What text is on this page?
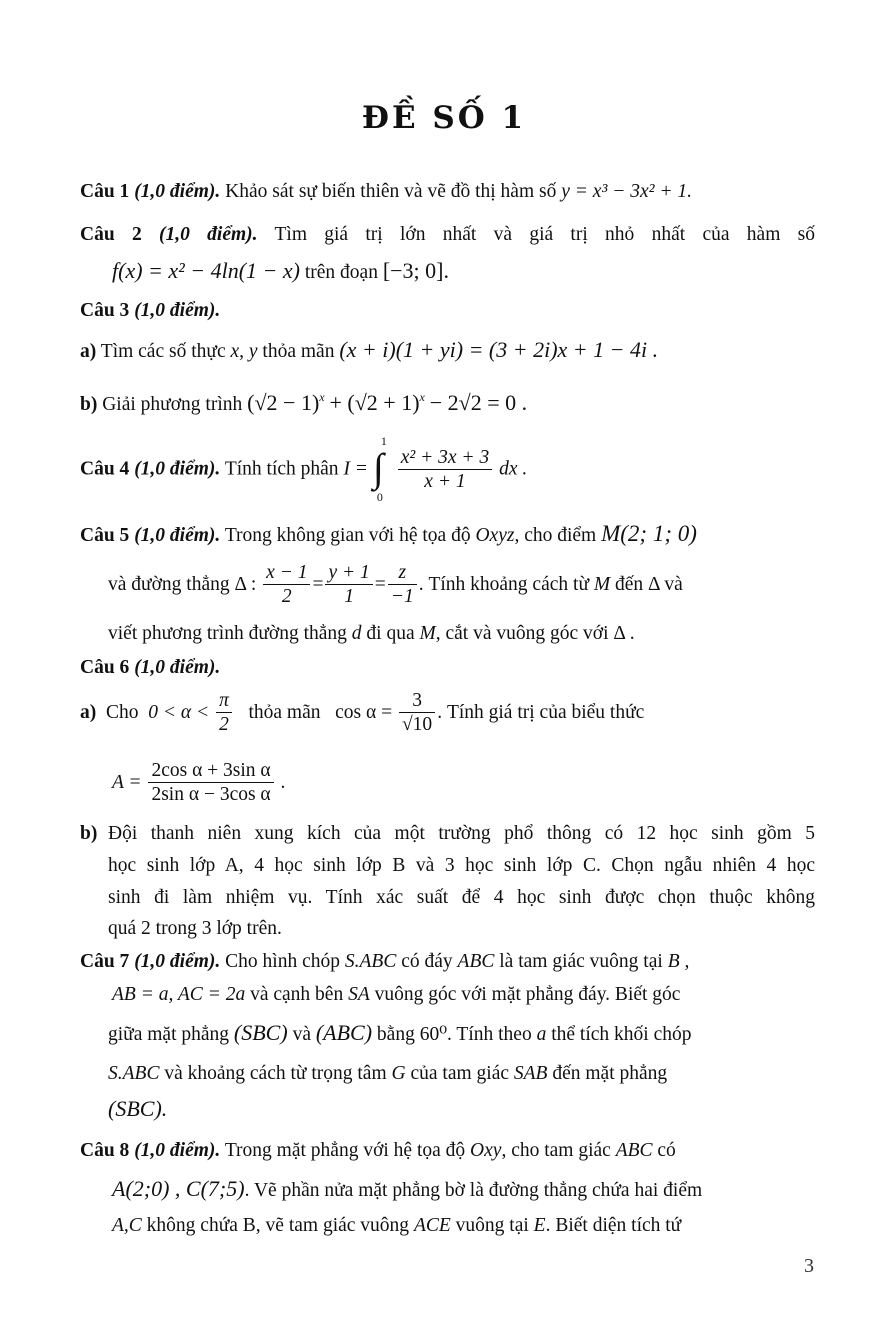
ĐỀ SỐ 1
Câu 1 (1,0 điểm). Khảo sát sự biến thiên và vẽ đồ thị hàm số y = x³ − 3x² + 1.
Câu 2 (1,0 điểm). Tìm giá trị lớn nhất và giá trị nhỏ nhất của hàm số
f(x) = x² − 4ln(1 − x) trên đoạn [−3; 0].
Câu 3 (1,0 điểm).
a) Tìm các số thực x, y thỏa mãn (x + i)(1 + yi) = (3 + 2i)x + 1 − 4i .
b) Giải phương trình $(√2 - 1)^x + (√2 + 1)^x - 2√2 = 0$ .
Câu 4 (1,0 điểm). Tính tích phân I = ∫
1
0

$\frac{\text{x² + 3x + 3}}{x + 1}$ dx .
Câu 5 (1,0 điểm). Trong không gian với hệ tọa độ Oxyz, cho điểm M(2; 1; 0)
và đường thẳng Δ : $\frac{x - 1}{2} = \frac{y + 1}{1} = \frac{z}{-1}$ . Tính khoảng cách từ M đến Δ và
viết phương trình đường thẳng d đi qua M, cắt và vuông góc với Δ .
Câu 6 (1,0 điểm).
a) Cho $0 < \alpha < \frac{\pi}{2}$ thỏa mãn $\cos \alpha = \frac{3}{√10}$ . Tính giá trị của biểu thức
$A = \frac{\text{2cos α + 3sin α}}{\text{2sin α − 3cos α}}$ .
b) Đội thanh niên xung kích của một trường phổ thông có 12 học sinh gồm 5
học sinh lớp A, 4 học sinh lớp B và 3 học sinh lớp C. Chọn ngẫu nhiên 4 học
sinh đi làm nhiệm vụ. Tính xác suất để 4 học sinh được chọn thuộc không
quá 2 trong 3 lớp trên.
Câu 7 (1,0 điểm). Cho hình chóp S.ABC có đáy ABC là tam giác vuông tại B ,
AB = a, AC = 2a và cạnh bên SA vuông góc với mặt phẳng đáy. Biết góc
giữa mặt phẳng (SBC) và (ABC) bằng 60⁰. Tính theo a thể tích khối chóp
S.ABC và khoảng cách từ trọng tâm G của tam giác SAB đến mặt phẳng
(SBC).
Câu 8 (1,0 điểm). Trong mặt phẳng với hệ tọa độ Oxy, cho tam giác ABC có
A(2;0) , C(7;5). Vẽ phần nửa mặt phẳng bờ là đường thẳng chứa hai điểm
A,C không chứa B, vẽ tam giác vuông ACE vuông tại E. Biết diện tích tứ
3
